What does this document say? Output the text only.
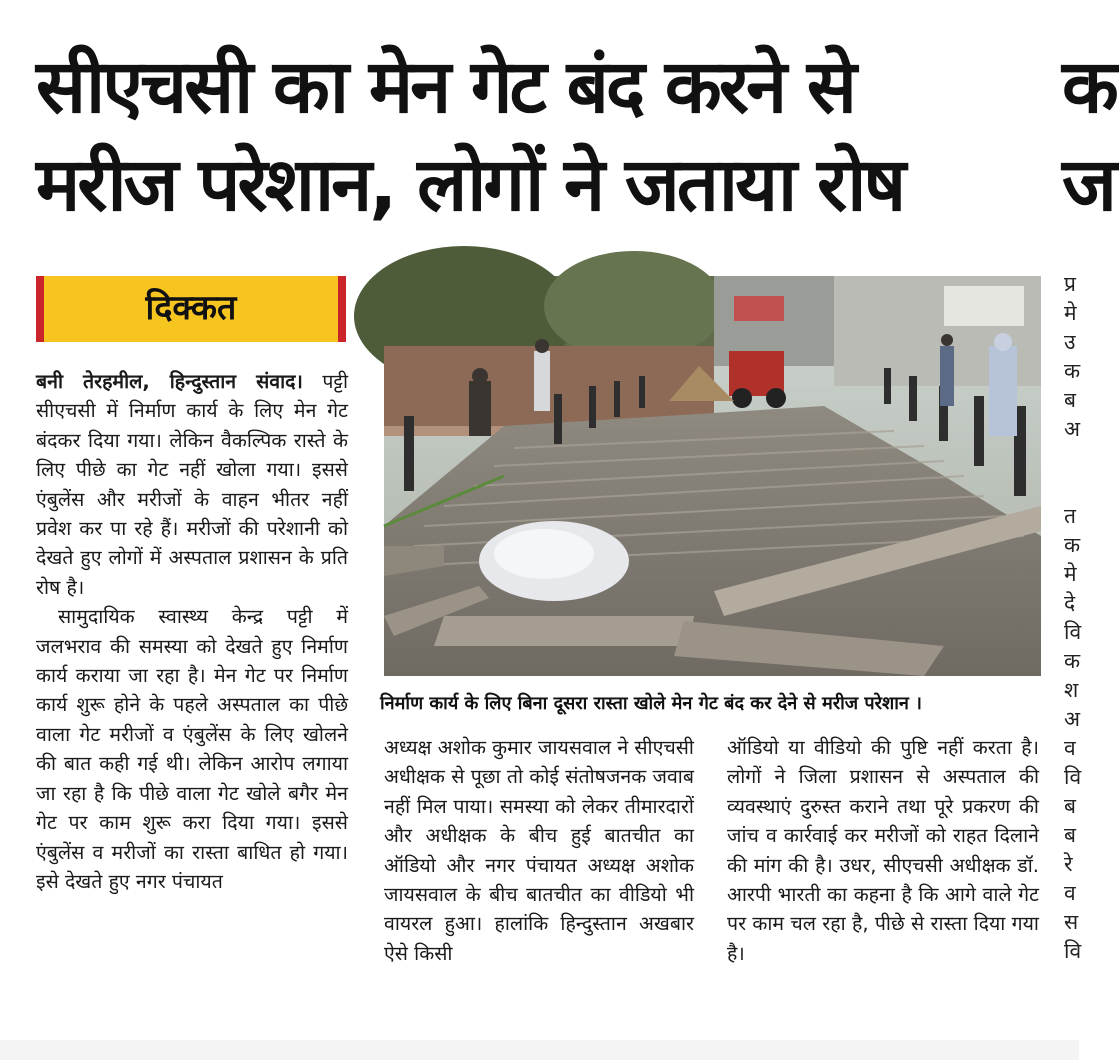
सीएचसी का मेन गेट बंद करने से
मरीज परेशान, लोगों ने जताया रोष
क
ज
प्र
मे
उ
क
ब
अ

त
क
मे
दे
वि
क
श
अ
व
वि
ब
ब
रे
व
स
वि
दिक्कत

बनी तेरहमील, हिन्दुस्तान संवाद। पट्टी सीएचसी में निर्माण कार्य के लिए मेन गेट बंदकर दिया गया। लेकिन वैकल्पिक रास्ते के लिए पीछे का गेट नहीं खोला गया। इससे एंबुलेंस और मरीजों के वाहन भीतर नहीं प्रवेश कर पा रहे हैं। मरीजों की परेशानी को देखते हुए लोगों में अस्पताल प्रशासन के प्रति रोष है।

सामुदायिक स्वास्थ्य केन्द्र पट्टी में जलभराव की समस्या को देखते हुए निर्माण कार्य कराया जा रहा है। मेन गेट पर निर्माण कार्य शुरू होने के पहले अस्पताल का पीछे वाला गेट मरीजों व एंबुलेंस के लिए खोलने की बात कही गई थी। लेकिन आरोप लगाया जा रहा है कि पीछे वाला गेट खोले बगैर मेन गेट पर काम शुरू करा दिया गया। इससे एंबुलेंस व मरीजों का रास्ता बाधित हो गया। इसे देखते हुए नगर पंचायत

निर्माण कार्य के लिए बिना दूसरा रास्ता खोले मेन गेट बंद कर देने से मरीज परेशान ।

अध्यक्ष अशोक कुमार जायसवाल ने सीएचसी अधीक्षक से पूछा तो कोई संतोषजनक जवाब नहीं मिल पाया। समस्या को लेकर तीमारदारों और अधीक्षक के बीच हुई बातचीत का ऑडियो और नगर पंचायत अध्यक्ष अशोक जायसवाल के बीच बातचीत का वीडियो भी वायरल हुआ। हालांकि हिन्दुस्तान अखबार ऐसे किसी

ऑडियो या वीडियो की पुष्टि नहीं करता है। लोगों ने जिला प्रशासन से अस्पताल की व्यवस्थाएं दुरुस्त कराने तथा पूरे प्रकरण की जांच व कार्रवाई कर मरीजों को राहत दिलाने की मांग की है। उधर, सीएचसी अधीक्षक डॉ. आरपी भारती का कहना है कि आगे वाले गेट पर काम चल रहा है, पीछे से रास्ता दिया गया है।
